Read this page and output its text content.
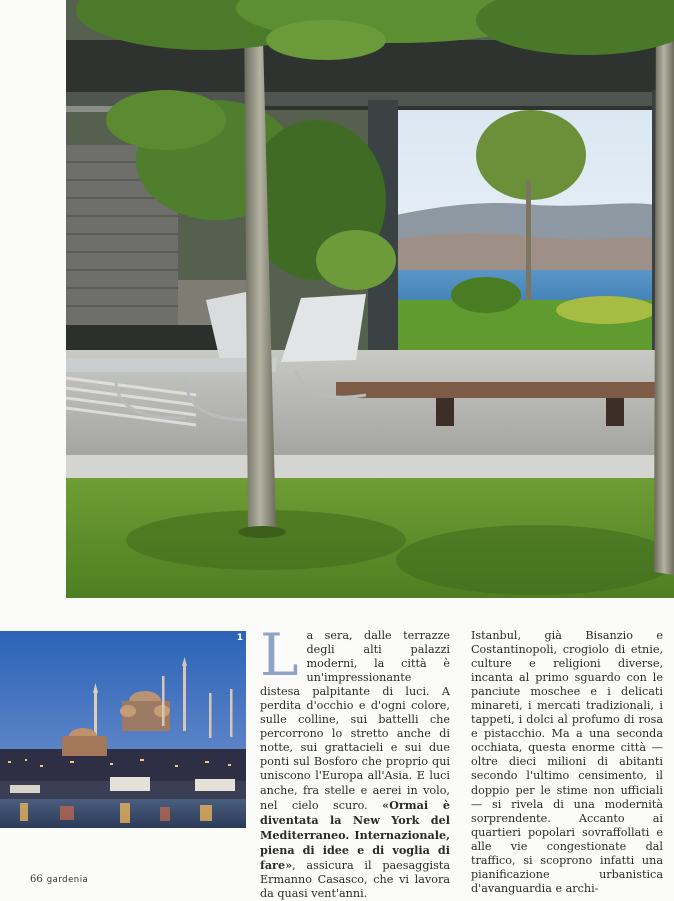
1 La sera, dalle terrazze degli alti palazzi moderni, la città è un'impressionante distesa palpitante di luci. A perdita d'occhio e d'ogni colore, sulle colline, sui battelli che percorrono lo stretto anche di notte, sui grattacieli e sui due ponti sul Bosforo che proprio qui uniscono l'Europa all'Asia. E luci anche, fra stelle e aerei in volo, nel cielo scuro. «Ormai è diventata la New York del Mediterraneo. Internazionale, piena di idee e di voglia di fare», assicura il paesaggista Ermanno Casasco, che vi lavora da quasi vent'anni.

Istanbul, già Bisanzio e Costantinopoli, crogiolo di etnie, culture e religioni diverse, incanta al primo sguardo con le panciute moschee e i delicati minareti, i mercati tradizionali, i tappeti, i dolci al profumo di rosa e pistacchio. Ma a una seconda occhiata, questa enorme città — oltre dieci milioni di abitanti secondo l'ultimo censimento, il doppio per le stime non ufficiali — si rivela di una modernità sorprendente. Accanto ai quartieri popolari sovraffollati e alle vie congestionate dal traffico, si scoprono infatti una pianificazione urbanistica d'avanguardia e archi-

66 gardenia
